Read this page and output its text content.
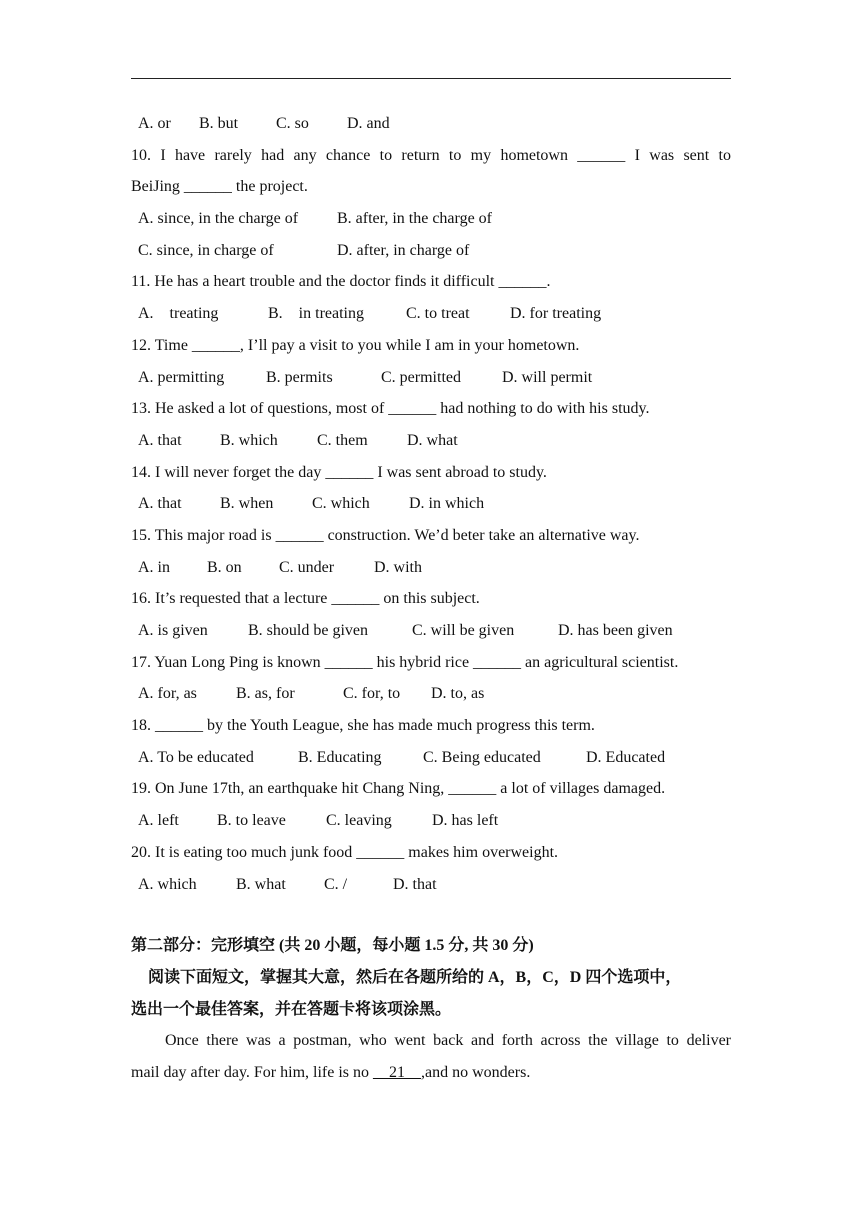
A. or B. but C. so D. and
10. I have rarely had any chance to return to my hometown ______ I was sent to
BeiJing ______ the project.
A. since, in the charge of B. after, in the charge of
C. since, in charge of	D. after, in charge of
11. He has a heart trouble and the doctor finds it difficult ______.
A.    treating	B.    in treating	C. to treat	D. for treating
12. Time ______, I’ll pay a visit to you while I am in your hometown.
A. permitting	B. permits	C. permitted	D. will permit
13. He asked a lot of questions, most of ______ had nothing to do with his study.
A. that B. which C. them D. what
14. I will never forget the day ______ I was sent abroad to study.
A. that B. when C. which D. in which
15. This major road is ______ construction. We’d beter take an alternative way.
A. in B. on C. under D. with
16. It’s requested that a lecture ______ on this subject.
A. is given	B. should be given	C. will be given	D. has been given
17. Yuan Long Ping is known ______ his hybrid rice ______ an agricultural scientist.
A. for, as B. as, for	C. for, to D. to, as
18. ______ by the Youth League, she has made much progress this term.
A. To be educated	B. Educating	C. Being educated	D. Educated
19. On June 17th, an earthquake hit Chang Ning, ______ a lot of villages damaged.
A. left B. to leave	C. leaving	D. has left
20. It is eating too much junk food ______ makes him overweight.
A. which B. what C. /	D. that
第二部分：完形填空 (共 20 小题，每小题 1.5 分, 共 30 分)
阅读下面短文，掌握其大意，然后在各题所给的 A，B，C，D 四个选项中，
选出一个最佳答案，并在答题卡将该项涂黑。
Once there was a postman, who went back and forth across the village to deliver
mail day after day. For him, life is no __21__,and no wonders.
